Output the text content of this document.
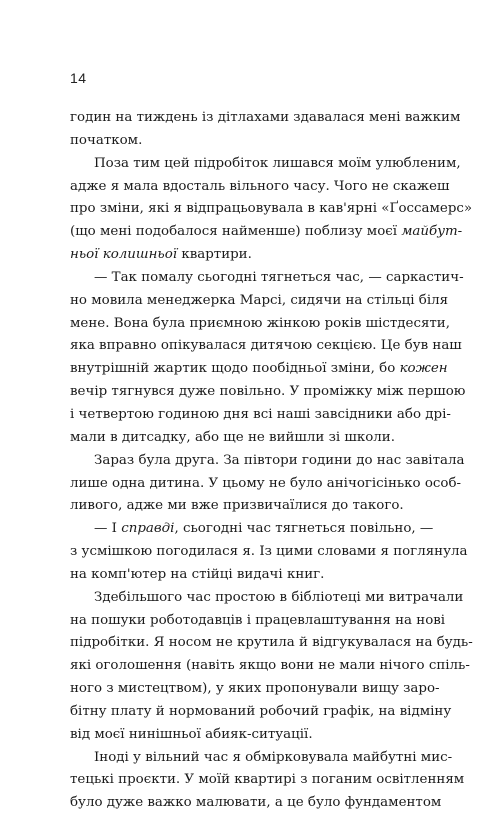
14
годин на тиждень із дітлахами здавалася мені важким
початком.
Поза тим цей підробіток лишався моїм улюбленим,
адже я мала вдосталь вільного часу. Чого не скажеш
про зміни, які я відпрацьовувала в кав'ярні «Ґоссамерс»
(що мені подобалося найменше) поблизу моєї майбут-
ньої колишньої квартири.
— Так помалу сьогодні тягнеться час, — саркастич-
но мовила менеджерка Марсі, сидячи на стільці біля
мене. Вона була приємною жінкою років шістдесяти,
яка вправно опікувалася дитячою секцією. Це був наш
внутрішній жартик щодо пообідньої зміни, бо кожен
вечір тягнувся дуже повільно. У проміжку між першою
і четвертою годиною дня всі наші завсідники або дрі-
мали в дитсадку, або ще не вийшли зі школи.
Зараз була друга. За півтори години до нас завітала
лише одна дитина. У цьому не було анічогісінько особ-
ливого, адже ми вже призвичаїлися до такого.
— І справді, сьогодні час тягнеться повільно, —
з усмішкою погодилася я. Із цими словами я поглянула
на комп'ютер на стійці видачі книг.
Здебільшого час простою в бібліотеці ми витрачали
на пошуки роботодавців і працевлаштування на нові
підробітки. Я носом не крутила й відгукувалася на будь-
які оголошення (навіть якщо вони не мали нічого спіль-
ного з мистецтвом), у яких пропонували вищу заро-
бітну плату й нормований робочий графік, на відміну
від моєї нинішньої абияк-ситуації.
Іноді у вільний час я обмірковувала майбутні мис-
тецькі проєкти. У моїй квартирі з поганим освітленням
було дуже важко малювати, а це було фундаментом
